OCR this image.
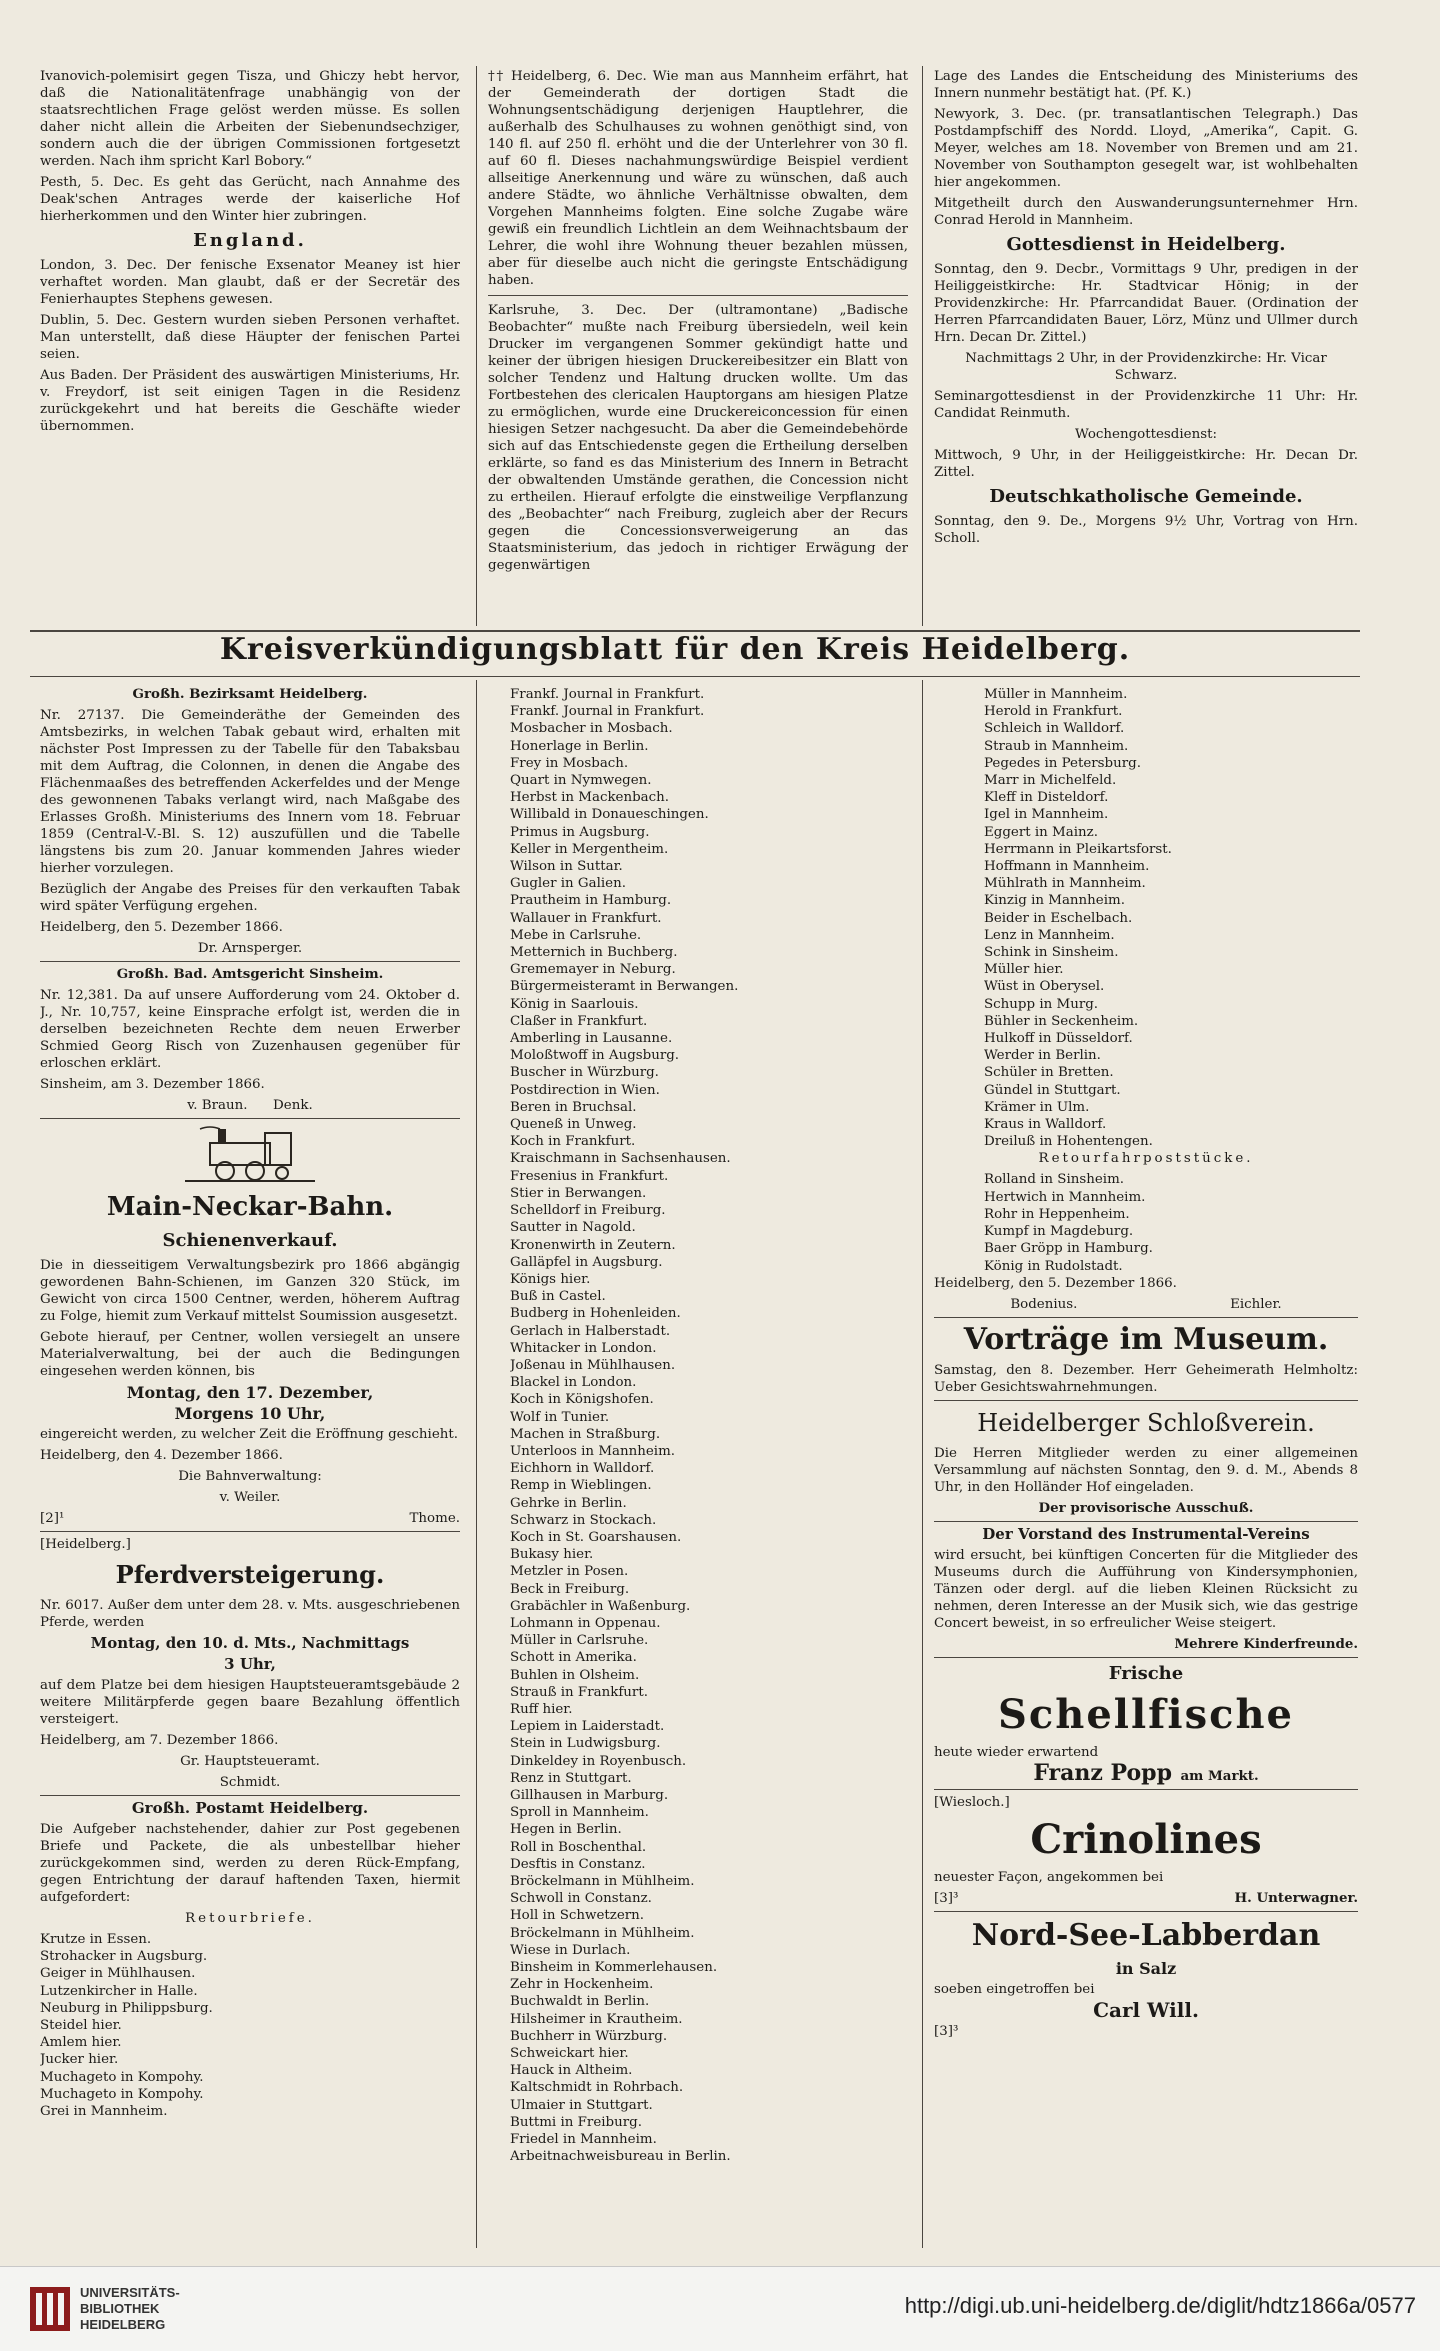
Ivanovich-polemisirt gegen Tisza, und Ghiczy hebt hervor, daß die Nationalitätenfrage unabhängig von der staatsrechtlichen Frage gelöst werden müsse. Es sollen daher nicht allein die Arbeiten der Siebenundsechziger, sondern auch die der übrigen Commissionen fortgesetzt werden. Nach ihm spricht Karl Bobory.“

Pesth, 5. Dec. Es geht das Gerücht, nach Annahme des Deak'schen Antrages werde der kaiserliche Hof hierherkommen und den Winter hier zubringen.

England.

London, 3. Dec. Der fenische Exsenator Meaney ist hier verhaftet worden. Man glaubt, daß er der Secretär des Fenierhauptes Stephens gewesen.

Dublin, 5. Dec. Gestern wurden sieben Personen verhaftet. Man unterstellt, daß diese Häupter der fenischen Partei seien.

Aus Baden. Der Präsident des auswärtigen Ministeriums, Hr. v. Freydorf, ist seit einigen Tagen in die Residenz zurückgekehrt und hat bereits die Geschäfte wieder übernommen.

†† Heidelberg, 6. Dec. Wie man aus Mannheim erfährt, hat der Gemeinderath der dortigen Stadt die Wohnungsentschädigung derjenigen Hauptlehrer, die außerhalb des Schulhauses zu wohnen genöthigt sind, von 140 fl. auf 250 fl. erhöht und die der Unterlehrer von 30 fl. auf 60 fl. Dieses nachahmungswürdige Beispiel verdient allseitige Anerkennung und wäre zu wünschen, daß auch andere Städte, wo ähnliche Verhältnisse obwalten, dem Vorgehen Mannheims folgten. Eine solche Zugabe wäre gewiß ein freundlich Lichtlein an dem Weihnachtsbaum der Lehrer, die wohl ihre Wohnung theuer bezahlen müssen, aber für dieselbe auch nicht die geringste Entschädigung haben.

Karlsruhe, 3. Dec. Der (ultramontane) „Badische Beobachter“ mußte nach Freiburg übersiedeln, weil kein Drucker im vergangenen Sommer gekündigt hatte und keiner der übrigen hiesigen Druckereibesitzer ein Blatt von solcher Tendenz und Haltung drucken wollte. Um das Fortbestehen des clericalen Hauptorgans am hiesigen Platze zu ermöglichen, wurde eine Druckereiconcession für einen hiesigen Setzer nachgesucht. Da aber die Gemeindebehörde sich auf das Entschiedenste gegen die Ertheilung derselben erklärte, so fand es das Ministerium des Innern in Betracht der obwaltenden Umstände gerathen, die Concession nicht zu ertheilen. Hierauf erfolgte die einstweilige Verpflanzung des „Beobachter“ nach Freiburg, zugleich aber der Recurs gegen die Concessionsverweigerung an das Staatsministerium, das jedoch in richtiger Erwägung der gegenwärtigen

Lage des Landes die Entscheidung des Ministeriums des Innern nunmehr bestätigt hat. (Pf. K.)

Newyork, 3. Dec. (pr. transatlantischen Telegraph.) Das Postdampfschiff des Nordd. Lloyd, „Amerika“, Capit. G. Meyer, welches am 18. November von Bremen und am 21. November von Southampton gesegelt war, ist wohlbehalten hier angekommen.

Mitgetheilt durch den Auswanderungsunternehmer Hrn. Conrad Herold in Mannheim.

Gottesdienst in Heidelberg.

Sonntag, den 9. Decbr., Vormittags 9 Uhr, predigen in der Heiliggeistkirche: Hr. Stadtvicar Hönig; in der Providenzkirche: Hr. Pfarrcandidat Bauer. (Ordination der Herren Pfarrcandidaten Bauer, Lörz, Münz und Ullmer durch Hrn. Decan Dr. Zittel.)

Nachmittags 2 Uhr, in der Providenzkirche: Hr. Vicar Schwarz.

Seminargottesdienst in der Providenzkirche 11 Uhr: Hr. Candidat Reinmuth.

Wochengottesdienst:

Mittwoch, 9 Uhr, in der Heiliggeistkirche: Hr. Decan Dr. Zittel.

Deutschkatholische Gemeinde.

Sonntag, den 9. De., Morgens 9½ Uhr, Vortrag von Hrn. Scholl.

Kreisverkündigungsblatt für den Kreis Heidelberg.
Großh. Bezirksamt Heidelberg.

Nr. 27137. Die Gemeinderäthe der Gemeinden des Amtsbezirks, in welchen Tabak gebaut wird, erhalten mit nächster Post Impressen zu der Tabelle für den Tabaksbau mit dem Auftrag, die Colonnen, in denen die Angabe des Flächenmaaßes des betreffenden Ackerfeldes und der Menge des gewonnenen Tabaks verlangt wird, nach Maßgabe des Erlasses Großh. Ministeriums des Innern vom 18. Februar 1859 (Central-V.-Bl. S. 12) auszufüllen und die Tabelle längstens bis zum 20. Januar kommenden Jahres wieder hierher vorzulegen.

Bezüglich der Angabe des Preises für den verkauften Tabak wird später Verfügung ergehen.

Heidelberg, den 5. Dezember 1866.

Dr. Arnsperger.

Großh. Bad. Amtsgericht Sinsheim.

Nr. 12,381. Da auf unsere Aufforderung vom 24. Oktober d. J., Nr. 10,757, keine Einsprache erfolgt ist, werden die in derselben bezeichneten Rechte dem neuen Erwerber Schmied Georg Risch von Zuzenhausen gegenüber für erloschen erklärt.

Sinsheim, am 3. Dezember 1866.

v. Braun. Denk.

Main-Neckar-Bahn.
Schienenverkauf.

Die in diesseitigem Verwaltungsbezirk pro 1866 abgängig gewordenen Bahn-Schienen, im Ganzen 320 Stück, im Gewicht von circa 1500 Centner, werden, höherem Auftrag zu Folge, hiemit zum Verkauf mittelst Soumission ausgesetzt.

Gebote hierauf, per Centner, wollen versiegelt an unsere Materialverwaltung, bei der auch die Bedingungen eingesehen werden können, bis

Montag, den 17. Dezember,
Morgens 10 Uhr,

eingereicht werden, zu welcher Zeit die Eröffnung geschieht.

Heidelberg, den 4. Dezember 1866.

Die Bahnverwaltung:

v. Weiler.

[2]¹	Thome.

[Heidelberg.]

Pferdversteigerung.

Nr. 6017. Außer dem unter dem 28. v. Mts. ausgeschriebenen Pferde, werden

Montag, den 10. d. Mts., Nachmittags
3 Uhr,

auf dem Platze bei dem hiesigen Hauptsteueramtsgebäude 2 weitere Militärpferde gegen baare Bezahlung öffentlich versteigert.

Heidelberg, am 7. Dezember 1866.

Gr. Hauptsteueramt.

Schmidt.

Großh. Postamt Heidelberg.

Die Aufgeber nachstehender, dahier zur Post gegebenen Briefe und Packete, die als unbestellbar hieher zurückgekommen sind, werden zu deren Rück-Empfang, gegen Entrichtung der darauf haftenden Taxen, hiermit aufgefordert:

Retourbriefe.

Krutze in Essen.
Strohacker in Augsburg.
Geiger in Mühlhausen.
Lutzenkircher in Halle.
Neuburg in Philippsburg.
Steidel hier.
Amlem hier.
Jucker hier.
Muchageto in Kompohy.
Muchageto in Kompohy.
Grei in Mannheim.
Frankf. Journal in Frankfurt.
Frankf. Journal in Frankfurt.
Mosbacher in Mosbach.
Honerlage in Berlin.
Frey in Mosbach.
Quart in Nymwegen.
Herbst in Mackenbach.
Willibald in Donaueschingen.
Primus in Augsburg.
Keller in Mergentheim.
Wilson in Suttar.
Gugler in Galien.
Prautheim in Hamburg.
Wallauer in Frankfurt.
Mebe in Carlsruhe.
Metternich in Buchberg.
Grememayer in Neburg.
Bürgermeisteramt in Berwangen.
König in Saarlouis.
Claßer in Frankfurt.
Amberling in Lausanne.
Moloßtwoff in Augsburg.
Buscher in Würzburg.
Postdirection in Wien.
Beren in Bruchsal.
Queneß in Unweg.
Koch in Frankfurt.
Kraischmann in Sachsenhausen.
Fresenius in Frankfurt.
Stier in Berwangen.
Schelldorf in Freiburg.
Sautter in Nagold.
Kronenwirth in Zeutern.
Galläpfel in Augsburg.
Königs hier.
Buß in Castel.
Budberg in Hohenleiden.
Gerlach in Halberstadt.
Whitacker in London.
Joßenau in Mühlhausen.
Blackel in London.
Koch in Königshofen.
Wolf in Tunier.
Machen in Straßburg.
Unterloos in Mannheim.
Eichhorn in Walldorf.
Remp in Wieblingen.
Gehrke in Berlin.
Schwarz in Stockach.
Koch in St. Goarshausen.
Bukasy hier.
Metzler in Posen.
Beck in Freiburg.
Grabächler in Waßenburg.
Lohmann in Oppenau.
Müller in Carlsruhe.
Schott in Amerika.
Buhlen in Olsheim.
Strauß in Frankfurt.
Ruff hier.
Lepiem in Laiderstadt.
Stein in Ludwigsburg.
Dinkeldey in Royenbusch.
Renz in Stuttgart.
Gillhausen in Marburg.
Sproll in Mannheim.
Hegen in Berlin.
Roll in Boschenthal.
Desftis in Constanz.
Bröckelmann in Mühlheim.
Schwoll in Constanz.
Holl in Schwetzern.
Bröckelmann in Mühlheim.
Wiese in Durlach.
Binsheim in Kommerlehausen.
Zehr in Hockenheim.
Buchwaldt in Berlin.
Hilsheimer in Krautheim.
Buchherr in Würzburg.
Schweickart hier.
Hauck in Altheim.
Kaltschmidt in Rohrbach.
Ulmaier in Stuttgart.
Buttmi in Freiburg.
Friedel in Mannheim.
Arbeitnachweisbureau in Berlin.
Müller in Mannheim.
Herold in Frankfurt.
Schleich in Walldorf.
Straub in Mannheim.
Pegedes in Petersburg.
Marr in Michelfeld.
Kleff in Disteldorf.
Igel in Mannheim.
Eggert in Mainz.
Herrmann in Pleikartsforst.
Hoffmann in Mannheim.
Mühlrath in Mannheim.
Kinzig in Mannheim.
Beider in Eschelbach.
Lenz in Mannheim.
Schink in Sinsheim.
Müller hier.
Wüst in Oberysel.
Schupp in Murg.
Bühler in Seckenheim.
Hulkoff in Düsseldorf.
Werder in Berlin.
Schüler in Bretten.
Gündel in Stuttgart.
Krämer in Ulm.
Kraus in Walldorf.
Dreiluß in Hohentengen.

Retourfahrpoststücke.

Rolland in Sinsheim.
Hertwich in Mannheim.
Rohr in Heppenheim.
Kumpf in Magdeburg.
Baer Gröpp in Hamburg.
König in Rudolstadt.

Heidelberg, den 5. Dezember 1866.

Bodenius.	Eichler.

Vorträge im Museum.

Samstag, den 8. Dezember. Herr Geheimerath Helmholtz: Ueber Gesichtswahrnehmungen.

Heidelberger Schloßverein.

Die Herren Mitglieder werden zu einer allgemeinen Versammlung auf nächsten Sonntag, den 9. d. M., Abends 8 Uhr, in den Holländer Hof eingeladen.

Der provisorische Ausschuß.

Der Vorstand des Instrumental-Vereins

wird ersucht, bei künftigen Concerten für die Mitglieder des Museums durch die Aufführung von Kindersymphonien, Tänzen oder dergl. auf die lieben Kleinen Rücksicht zu nehmen, deren Interesse an der Musik sich, wie das gestrige Concert beweist, in so erfreulicher Weise steigert.

Mehrere Kinderfreunde.

Frische
Schellfische

heute wieder erwartend

Franz Popp am Markt.

[Wiesloch.]

Crinolines

neuester Façon, angekommen bei

[3]³	H. Unterwagner.

Nord-See-Labberdan
in Salz

soeben eingetroffen bei

Carl Will.

[3]³

UNIVERSITÄTS-
BIBLIOTHEK
HEIDELBERG
http://digi.ub.uni-heidelberg.de/diglit/hdtz1866a/0577
